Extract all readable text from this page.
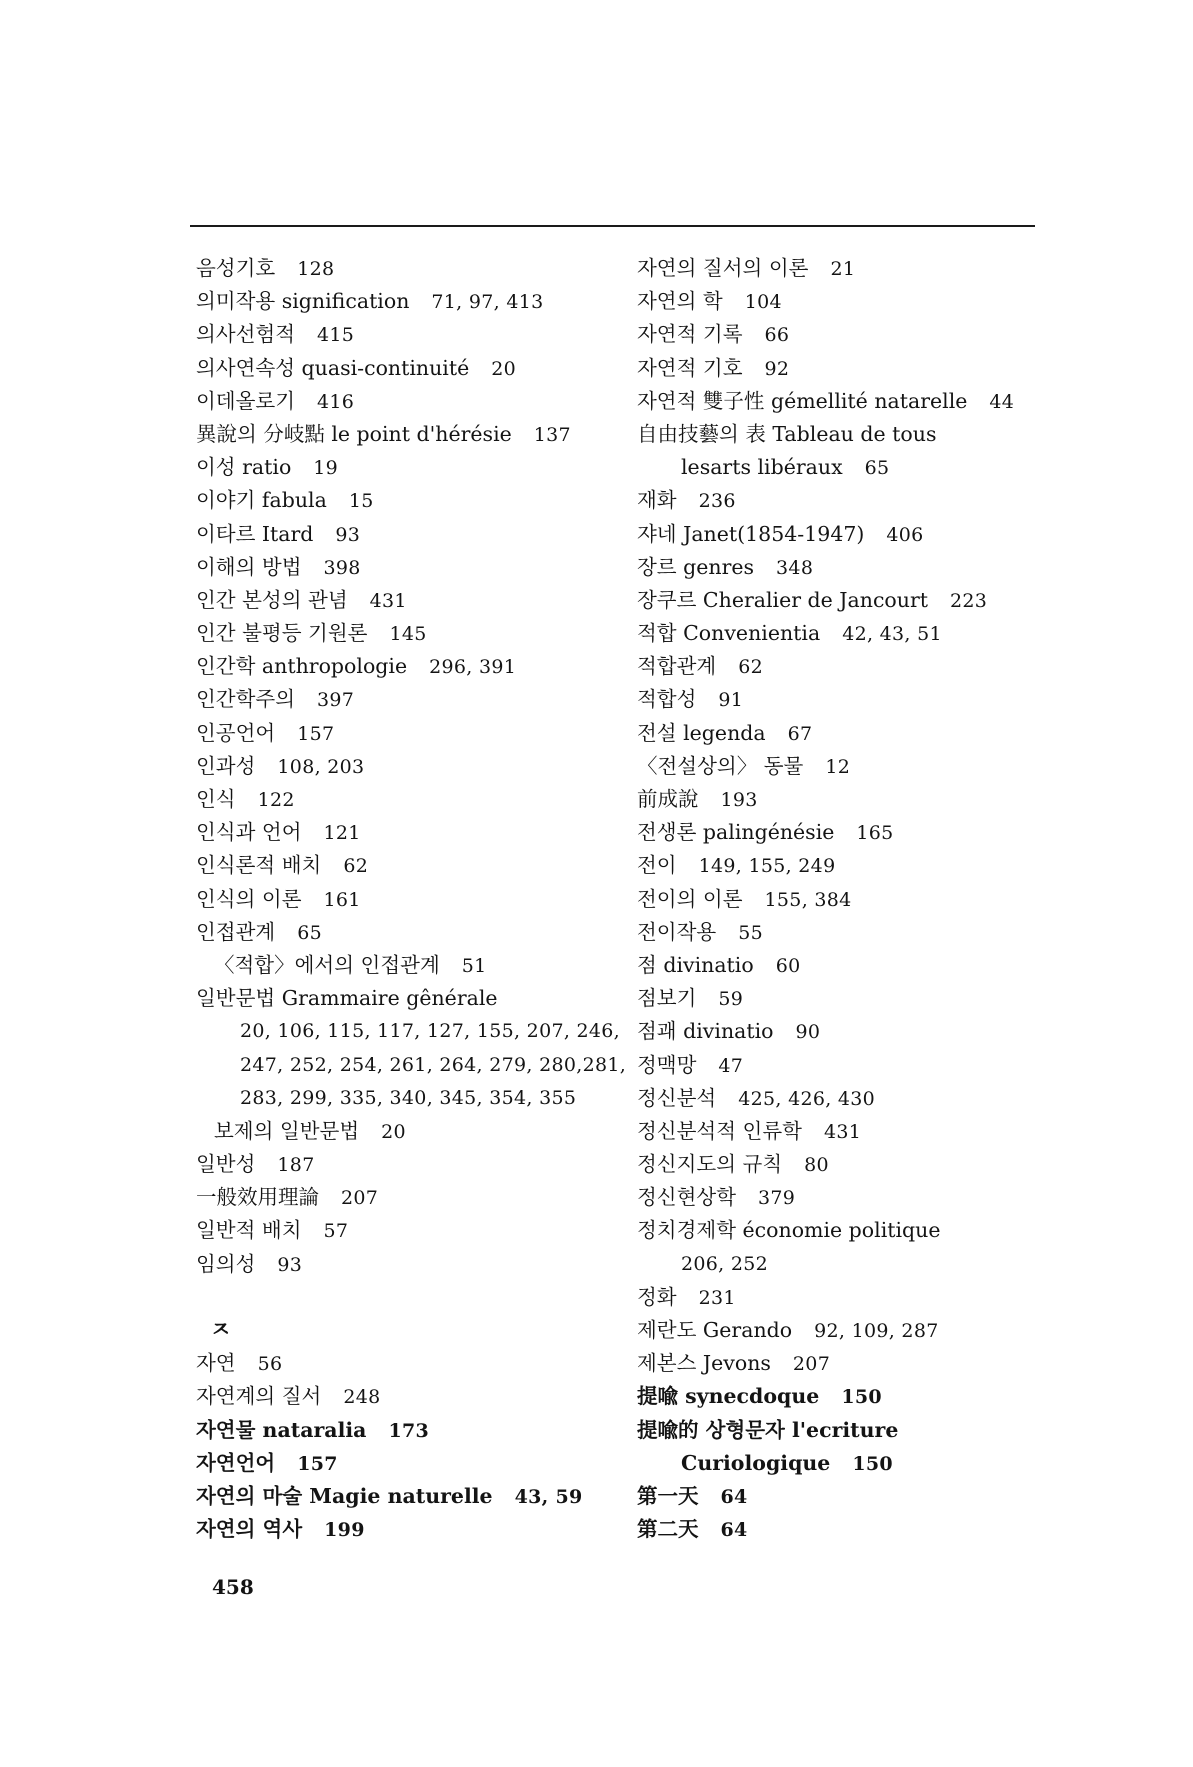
음성기호 128
의미작용 signification 71, 97, 413
의사선험적 415
의사연속성 quasi-continuité 20
이데올로기 416
異說의 分岐點 le point d'hérésie 137
이성 ratio 19
이야기 fabula 15
이타르 Itard 93
이해의 방법 398
인간 본성의 관념 431
인간 불평등 기원론 145
인간학 anthropologie 296, 391
인간학주의 397
인공언어 157
인과성 108, 203
인식 122
인식과 언어 121
인식론적 배치 62
인식의 이론 161
인접관계 65
〈적합〉에서의 인접관계 51
일반문법 Grammaire gênérale
20, 106, 115, 117, 127, 155, 207, 246,
247, 252, 254, 261, 264, 279, 280,281,
283, 299, 335, 340, 345, 354, 355
보제의 일반문법 20
일반성 187
一般效用理論 207
일반적 배치 57
임의성 93
ㅈ
자연 56
자연계의 질서 248
자연물 nataralia 173
자연언어 157
자연의 마술 Magie naturelle 43, 59
자연의 역사 199
자연의 질서의 이론 21
자연의 학 104
자연적 기록 66
자연적 기호 92
자연적 雙子性 gémellité natarelle 44
自由技藝의 表 Tableau de tous
lesarts libéraux 65
재화 236
쟈네 Janet(1854-1947) 406
장르 genres 348
장쿠르 Cheralier de Jancourt 223
적합 Convenientia 42, 43, 51
적합관계 62
적합성 91
전설 legenda 67
〈전설상의〉 동물 12
前成說 193
전생론 palingénésie 165
전이 149, 155, 249
전이의 이론 155, 384
전이작용 55
점 divinatio 60
점보기 59
점괘 divinatio 90
정맥망 47
정신분석 425, 426, 430
정신분석적 인류학 431
정신지도의 규칙 80
정신현상학 379
정치경제학 économie politique
206, 252
정화 231
제란도 Gerando 92, 109, 287
제본스 Jevons 207
提喩 synecdoque 150
提喩的 상형문자 l'ecriture
Curiologique 150
第一天 64
第二天 64
458
